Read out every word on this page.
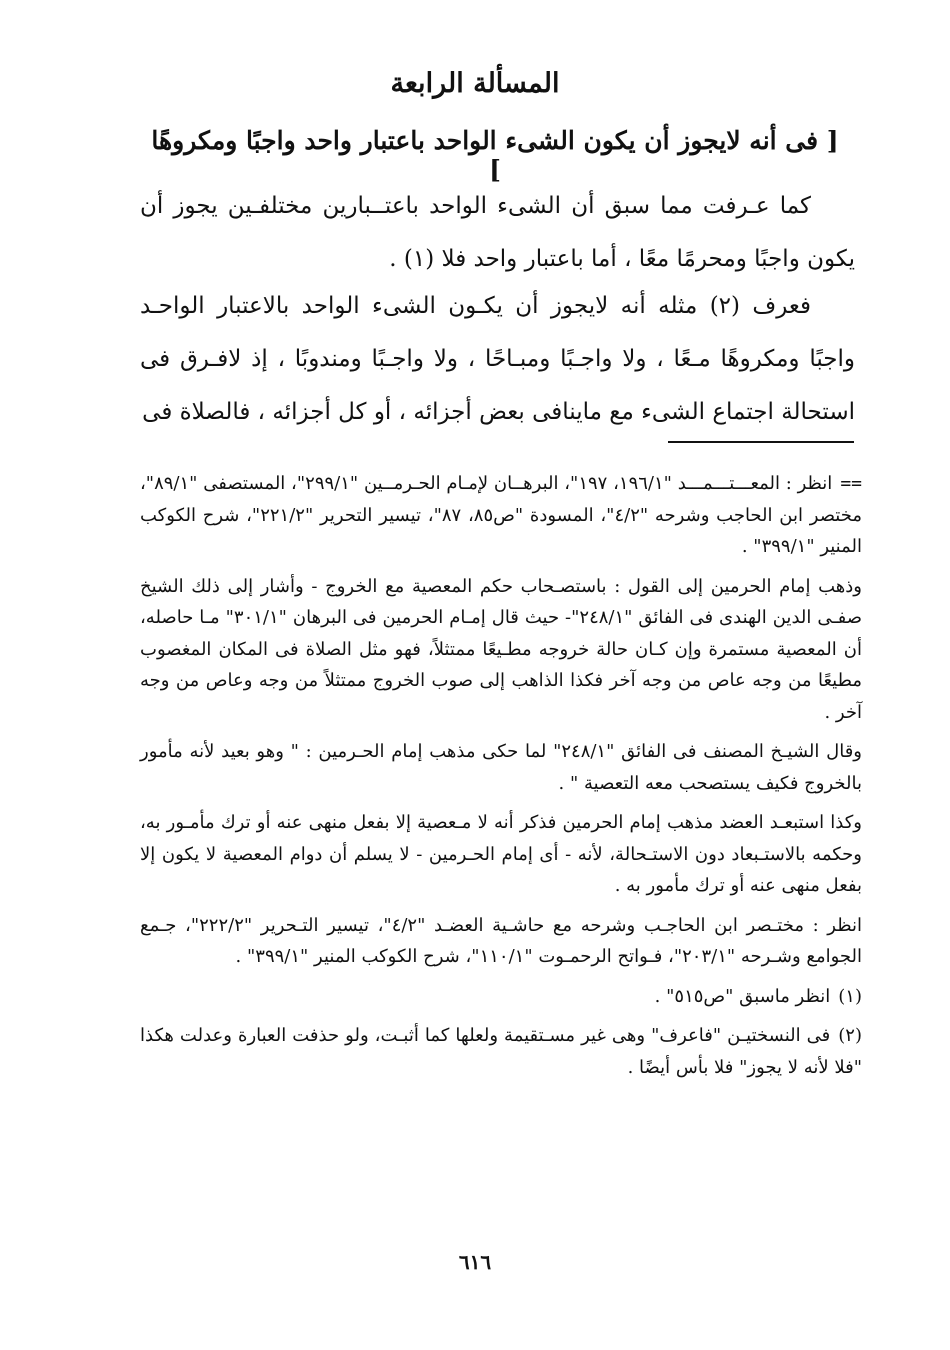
المسألة الرابعة
[ فى أنه لايجوز أن يكون الشىء الواحد باعتبار واحد واجبًا ومكروهًا ]

كما عـرفت مما سبق أن الشىء الواحد باعتــبارين مختلفـين يجوز أن يكون واجبًا ومحرمًا معًا ، أما باعتبار واحد فلا (١) .

فعرف (٢) مثله أنه لايجوز أن يكـون الشىء الواحد بالاعتبار الواحـد واجبًا ومكروهًا مـعًا ، ولا واجـبًا ومبـاحًا ، ولا واجـبًا ومندوبًا ، إذ لافـرق فى استحالة اجتماع الشىء مع ماينافى بعض أجزائه ، أو كل أجزائه ، فالصلاة فى

==انظر : المعـــتـــمـــد "١٩٦/١، ١٩٧"، البرهــان لإمـام الحـرمــين "٢٩٩/١"، المستصفى "٨٩/١"، مختصر ابن الحاجب وشرحه "٤/٢"، المسودة "ص٨٥، ٨٧"، تيسير التحرير "٢٢١/٢"، شرح الكوكب المنير "٣٩٩/١" .

وذهب إمام الحرمين إلى القول : باستصـحاب حكم المعصية مع الخروج - وأشار إلى ذلك الشيخ صفـى الدين الهندى فى الفائق "٢٤٨/١"- حيث قال إمـام الحرمين فى البرهان "٣٠١/١" مـا حاصله، أن المعصية مستمرة وإن كـان حالة خروجه مطـيعًا ممتثلاً، فهو مثل الصلاة فى المكان المغصوب مطيعًا من وجه عاص من وجه آخر فكذا الذاهب إلى صوب الخروج ممتثلاً من وجه وعاص من وجه آخر .

وقال الشيـخ المصنف فى الفائق "٢٤٨/١" لما حكى مذهب إمام الحـرمين : " وهو بعيد لأنه مأمور بالخروج فكيف يستصحب معه التعصية " .

وكذا استبعـد العضد مذهب إمام الحرمين فذكر أنه لا مـعصية إلا بفعل منهى عنه أو ترك مأمـور به، وحكمه بالاستـبعاد دون الاستـحالة، لأنه - أى إمام الحـرمين - لا يسلم أن دوام المعصية لا يكون إلا بفعل منهى عنه أو ترك مأمور به .

انظر : مختـصر ابن الحاجـب وشرحه مع حاشـية العضـد "٤/٢"، تيسير التـحرير "٢٢٢/٢"، جـمع الجوامع وشـرحه "٢٠٣/١"، فـواتح الرحمـوت "١١٠/١"، شرح الكوكب المنير "٣٩٩/١" .

(١)انظر ماسبق "ص٥١٥" .

(٢)فى النسختيـن "فاعرف" وهى غير مسـتقيمة ولعلها كما أثبـت، ولو حذفت العبارة وعدلت هكذا "فلا لأنه لا يجوز" فلا بأس أيضًا .

٦١٦
